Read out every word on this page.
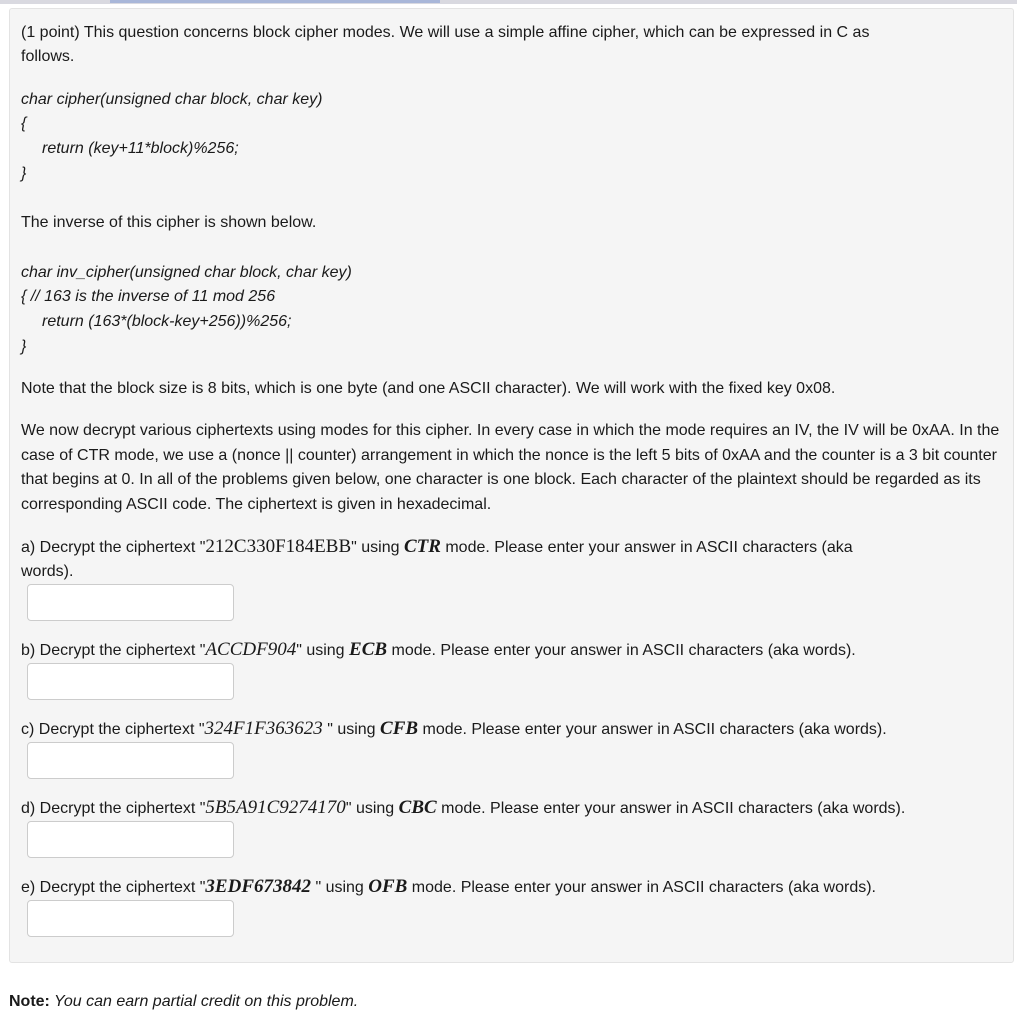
(1 point) This question concerns block cipher modes. We will use a simple affine cipher, which can be expressed in C as

follows.

char cipher(unsigned char block, char key)

{

return (key+11*block)%256;

}

The inverse of this cipher is shown below.

char inv_cipher(unsigned char block, char key)

{ // 163 is the inverse of 11 mod 256

return (163*(block-key+256))%256;

}

Note that the block size is 8 bits, which is one byte (and one ASCII character). We will work with the fixed key 0x08.

We now decrypt various ciphertexts using modes for this cipher. In every case in which the mode requires an IV, the IV will be 0xAA. In the case of CTR mode, we use a (nonce || counter) arrangement in which the nonce is the left 5 bits of 0xAA and the counter is a 3 bit counter that begins at 0. In all of the problems given below, one character is one block. Each character of the plaintext should be regarded as its corresponding ASCII code. The ciphertext is given in hexadecimal.

a) Decrypt the ciphertext "212C330F184EBB" using CTR mode. Please enter your answer in ASCII characters (aka

words).

b) Decrypt the ciphertext "ACCDF904" using ECB mode. Please enter your answer in ASCII characters (aka words).

c) Decrypt the ciphertext "324F1F363623 " using CFB mode. Please enter your answer in ASCII characters (aka words).

d) Decrypt the ciphertext "5B5A91C9274170" using CBC mode. Please enter your answer in ASCII characters (aka words).

e) Decrypt the ciphertext "3EDF673842 " using OFB mode. Please enter your answer in ASCII characters (aka words).

Note: You can earn partial credit on this problem.
